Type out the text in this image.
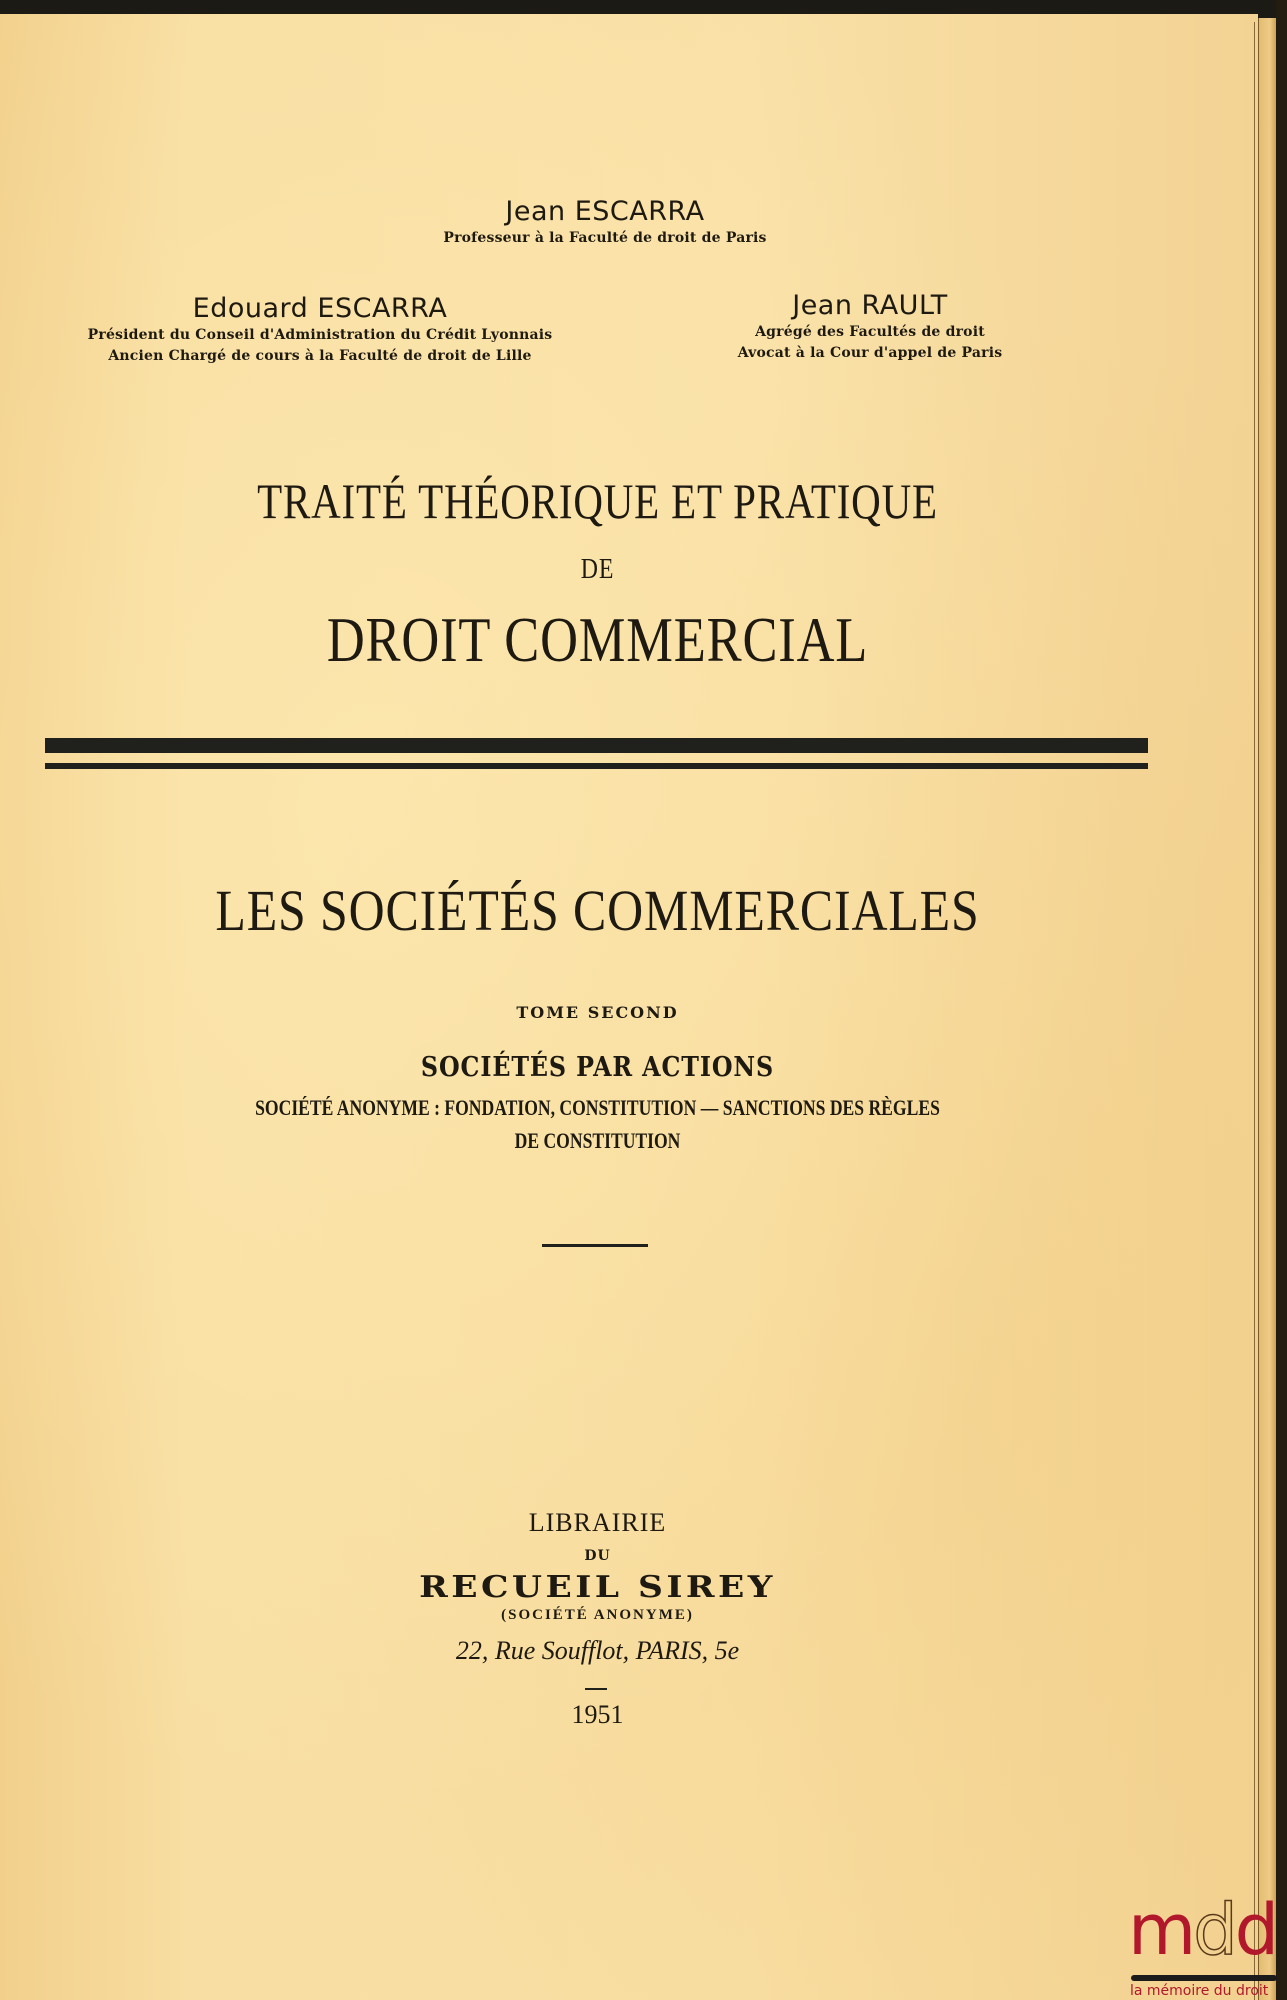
Jean ESCARRA
Professeur à la Faculté de droit de Paris
Edouard ESCARRA
Président du Conseil d'Administration du Crédit Lyonnais
Ancien Chargé de cours à la Faculté de droit de Lille
Jean RAULT
Agrégé des Facultés de droit
Avocat à la Cour d'appel de Paris
TRAITÉ THÉORIQUE ET PRATIQUE
DE
DROIT COMMERCIAL
LES SOCIÉTÉS COMMERCIALES
TOME SECOND
SOCIÉTÉS PAR ACTIONS
SOCIÉTÉ ANONYME : FONDATION, CONSTITUTION — SANCTIONS DES RÈGLES
DE CONSTITUTION
LIBRAIRIE
DU
RECUEIL SIREY
(SOCIÉTÉ ANONYME)
22, Rue Soufflot, PARIS, 5e
1951
mdd
la mémoire du droit
